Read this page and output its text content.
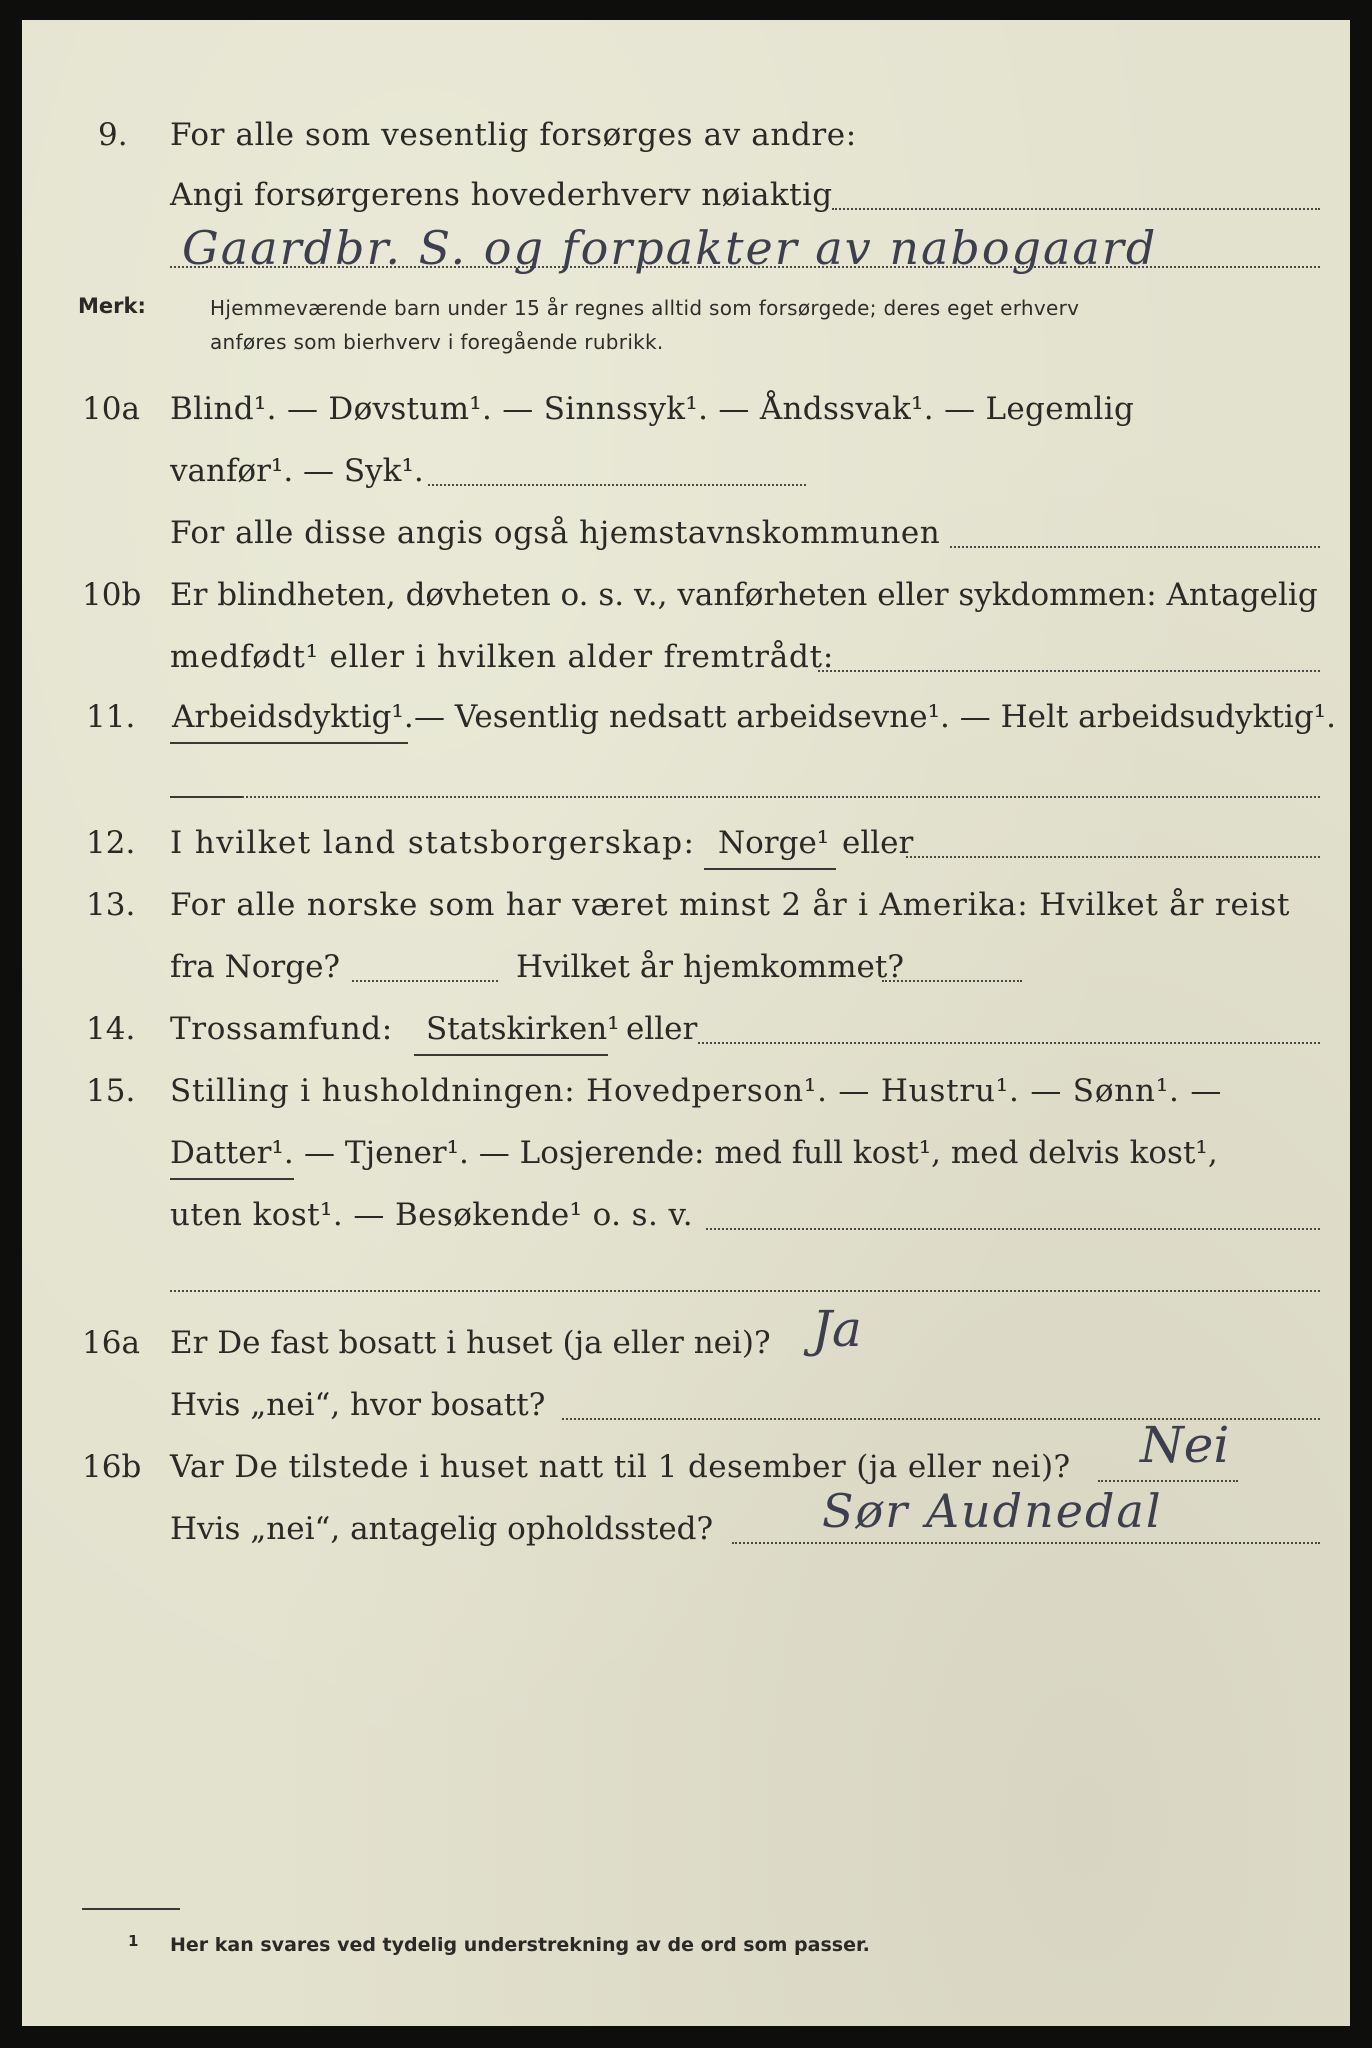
9. For alle som vesentlig forsørges av andre:
Angi forsørgerens hovederhverv nøiaktig
Gaardbr. S. og forpakter av nabogaard
Merk:	Hjemmeværende barn under 15 år regnes alltid som forsørgede; deres eget erhverv
anføres som bierhverv i foregående rubrikk.
10a Blind¹. — Døvstum¹. — Sinnssyk¹. — Åndssvak¹. — Legemlig
vanfør¹. — Syk¹.
For alle disse angis også hjemstavnskommunen
10b Er blindheten, døvheten o. s. v., vanførheten eller sykdommen: Antagelig
medfødt¹ eller i hvilken alder fremtrådt:
11. Arbeidsdyktig¹. — Vesentlig nedsatt arbeidsevne¹. — Helt arbeidsudyktig¹.
12. I hvilket land statsborgerskap: Norge¹ eller
13. For alle norske som har været minst 2 år i Amerika: Hvilket år reist
fra Norge?	Hvilket år hjemkommet?
14. Trossamfund: Statskirken¹ eller
15. Stilling i husholdningen: Hovedperson¹. — Hustru¹. — Sønn¹. —
Datter¹. — Tjener¹. — Losjerende: med full kost¹, med delvis kost¹,
uten kost¹. — Besøkende¹ o. s. v.
16a Er De fast bosatt i huset (ja eller nei)? Ja
Hvis „nei“, hvor bosatt?
16b Var De tilstede i huset natt til 1 desember (ja eller nei)? Nei
Hvis „nei“, antagelig opholdssted? Sør Audnedal
1 Her kan svares ved tydelig understrekning av de ord som passer.
